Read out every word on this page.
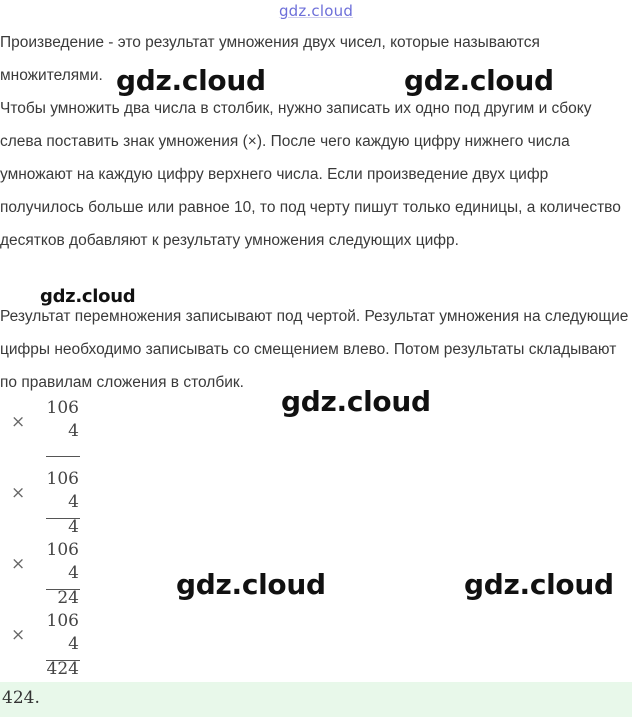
gdz.cloud
Произведение - это результат умножения двух чисел, которые называются множителями.
Чтобы умножить два числа в столбик, нужно записать их одно под другим и сбоку слева поставить знак умножения (×). После чего каждую цифру нижнего числа умножают на каждую цифру верхнего числа. Если произведение двух цифр получилось больше или равное 10, то под черту пишут только единицы, а количество десятков добавляют к результату умножения следующих цифр.
Результат перемножения записывают под чертой. Результат умножения на следующие цифры необходимо записывать со смещением влево. Потом результаты складывают по правилам сложения в столбик.
gdz.cloud	gdz.cloud
gdz.cloud
gdz.cloud
gdz.cloud	gdz.cloud
×
106
4
×
106
4
4
×
106
4
24
×
106
4
424
424.
